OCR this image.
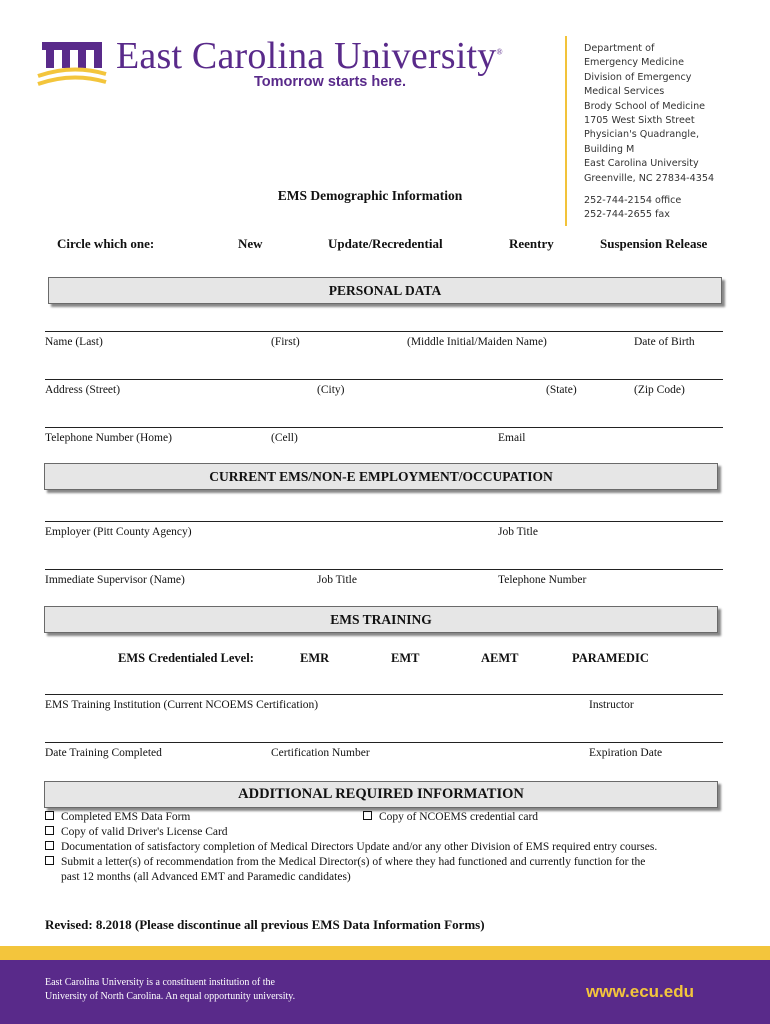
East Carolina University®
Tomorrow starts here.
Department of
Emergency Medicine
Division of Emergency
Medical Services
Brody School of Medicine
1705 West Sixth Street
Physician's Quadrangle,
Building M
East Carolina University
Greenville, NC 27834-4354
252-744-2154 office
252-744-2655 fax
EMS Demographic Information
Circle which one:	New	Update/Recredential	Reentry	Suspension Release
PERSONAL DATA
Name (Last)	(First)	(Middle Initial/Maiden Name)	Date of Birth
Address (Street)	(City)	(State)	(Zip Code)
Telephone Number (Home)	(Cell)	Email
CURRENT EMS/NON-E EMPLOYMENT/OCCUPATION
Employer (Pitt County Agency)	Job Title
Immediate Supervisor (Name)	Job Title	Telephone Number
EMS TRAINING
EMS Credentialed Level:	EMR	EMT	AEMT	PARAMEDIC
EMS Training Institution (Current NCOEMS Certification)	Instructor
Date Training Completed	Certification Number	Expiration Date
ADDITIONAL REQUIRED INFORMATION
Completed EMS Data Form	Copy of NCOEMS credential card
Copy of valid Driver's License Card
Documentation of satisfactory completion of Medical Directors Update and/or any other Division of EMS required entry courses.
Submit a letter(s) of recommendation from the Medical Director(s) of where they had functioned and currently function for the
past 12 months (all Advanced EMT and Paramedic candidates)
Revised: 8.2018 (Please discontinue all previous EMS Data Information Forms)
East Carolina University is a constituent institution of the
University of North Carolina. An equal opportunity university.	www.ecu.edu
